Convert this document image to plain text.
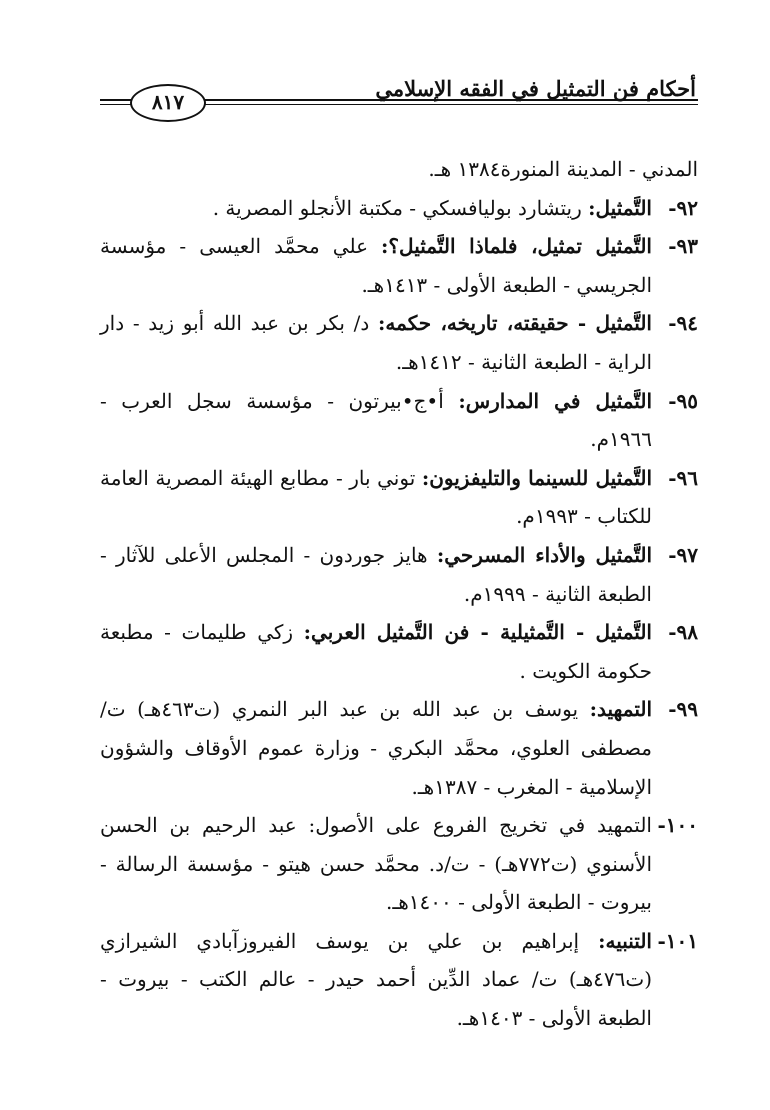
أحكام فن التمثيل في الفقه الإسلامي
٨١٧

المدني - المدينة المنورة١٣٨٤ هـ.

٩٢-
التَّمثيل: ريتشارد بوليافسكي - مكتبة الأنجلو المصرية .
٩٣-
التَّمثيل تمثيل، فلماذا التَّمثيل؟: علي محمَّد العيسى - مؤسسة الجريسي - الطبعة الأولى - ١٤١٣هـ.
٩٤-
التَّمثيل - حقيقته، تاريخه، حكمه: د/ بكر بن عبد الله أبو زيد - دار الراية - الطبعة الثانية - ١٤١٢هـ.
٩٥-
التَّمثيل في المدارس: أ•ج•بيرتون - مؤسسة سجل العرب - ١٩٦٦م.
٩٦-
التَّمثيل للسينما والتليفزيون: توني بار - مطابع الهيئة المصرية العامة للكتاب - ١٩٩٣م.
٩٧-
التَّمثيل والأداء المسرحي: هايز جوردون - المجلس الأعلى للآثار - الطبعة الثانية - ١٩٩٩م.
٩٨-
التَّمثيل - التَّمثيلية - فن التَّمثيل العربي: زكي طليمات - مطبعة حكومة الكويت .
٩٩-
التمهيد: يوسف بن عبد الله بن عبد البر النمري (ت٤٦٣هـ) ت/ مصطفى العلوي، محمَّد البكري - وزارة عموم الأوقاف والشؤون الإسلامية - المغرب - ١٣٨٧هـ.
١٠٠-
التمهيد في تخريج الفروع على الأصول: عبد الرحيم بن الحسن الأسنوي (ت٧٧٢هـ) - ت/د. محمَّد حسن هيتو - مؤسسة الرسالة - بيروت - الطبعة الأولى - ١٤٠٠هـ.
١٠١-
التنبيه: إبراهيم بن علي بن يوسف الفيروزآبادي الشيرازي (ت٤٧٦هـ) ت/ عماد الدِّين أحمد حيدر - عالم الكتب - بيروت - الطبعة الأولى - ١٤٠٣هـ.
